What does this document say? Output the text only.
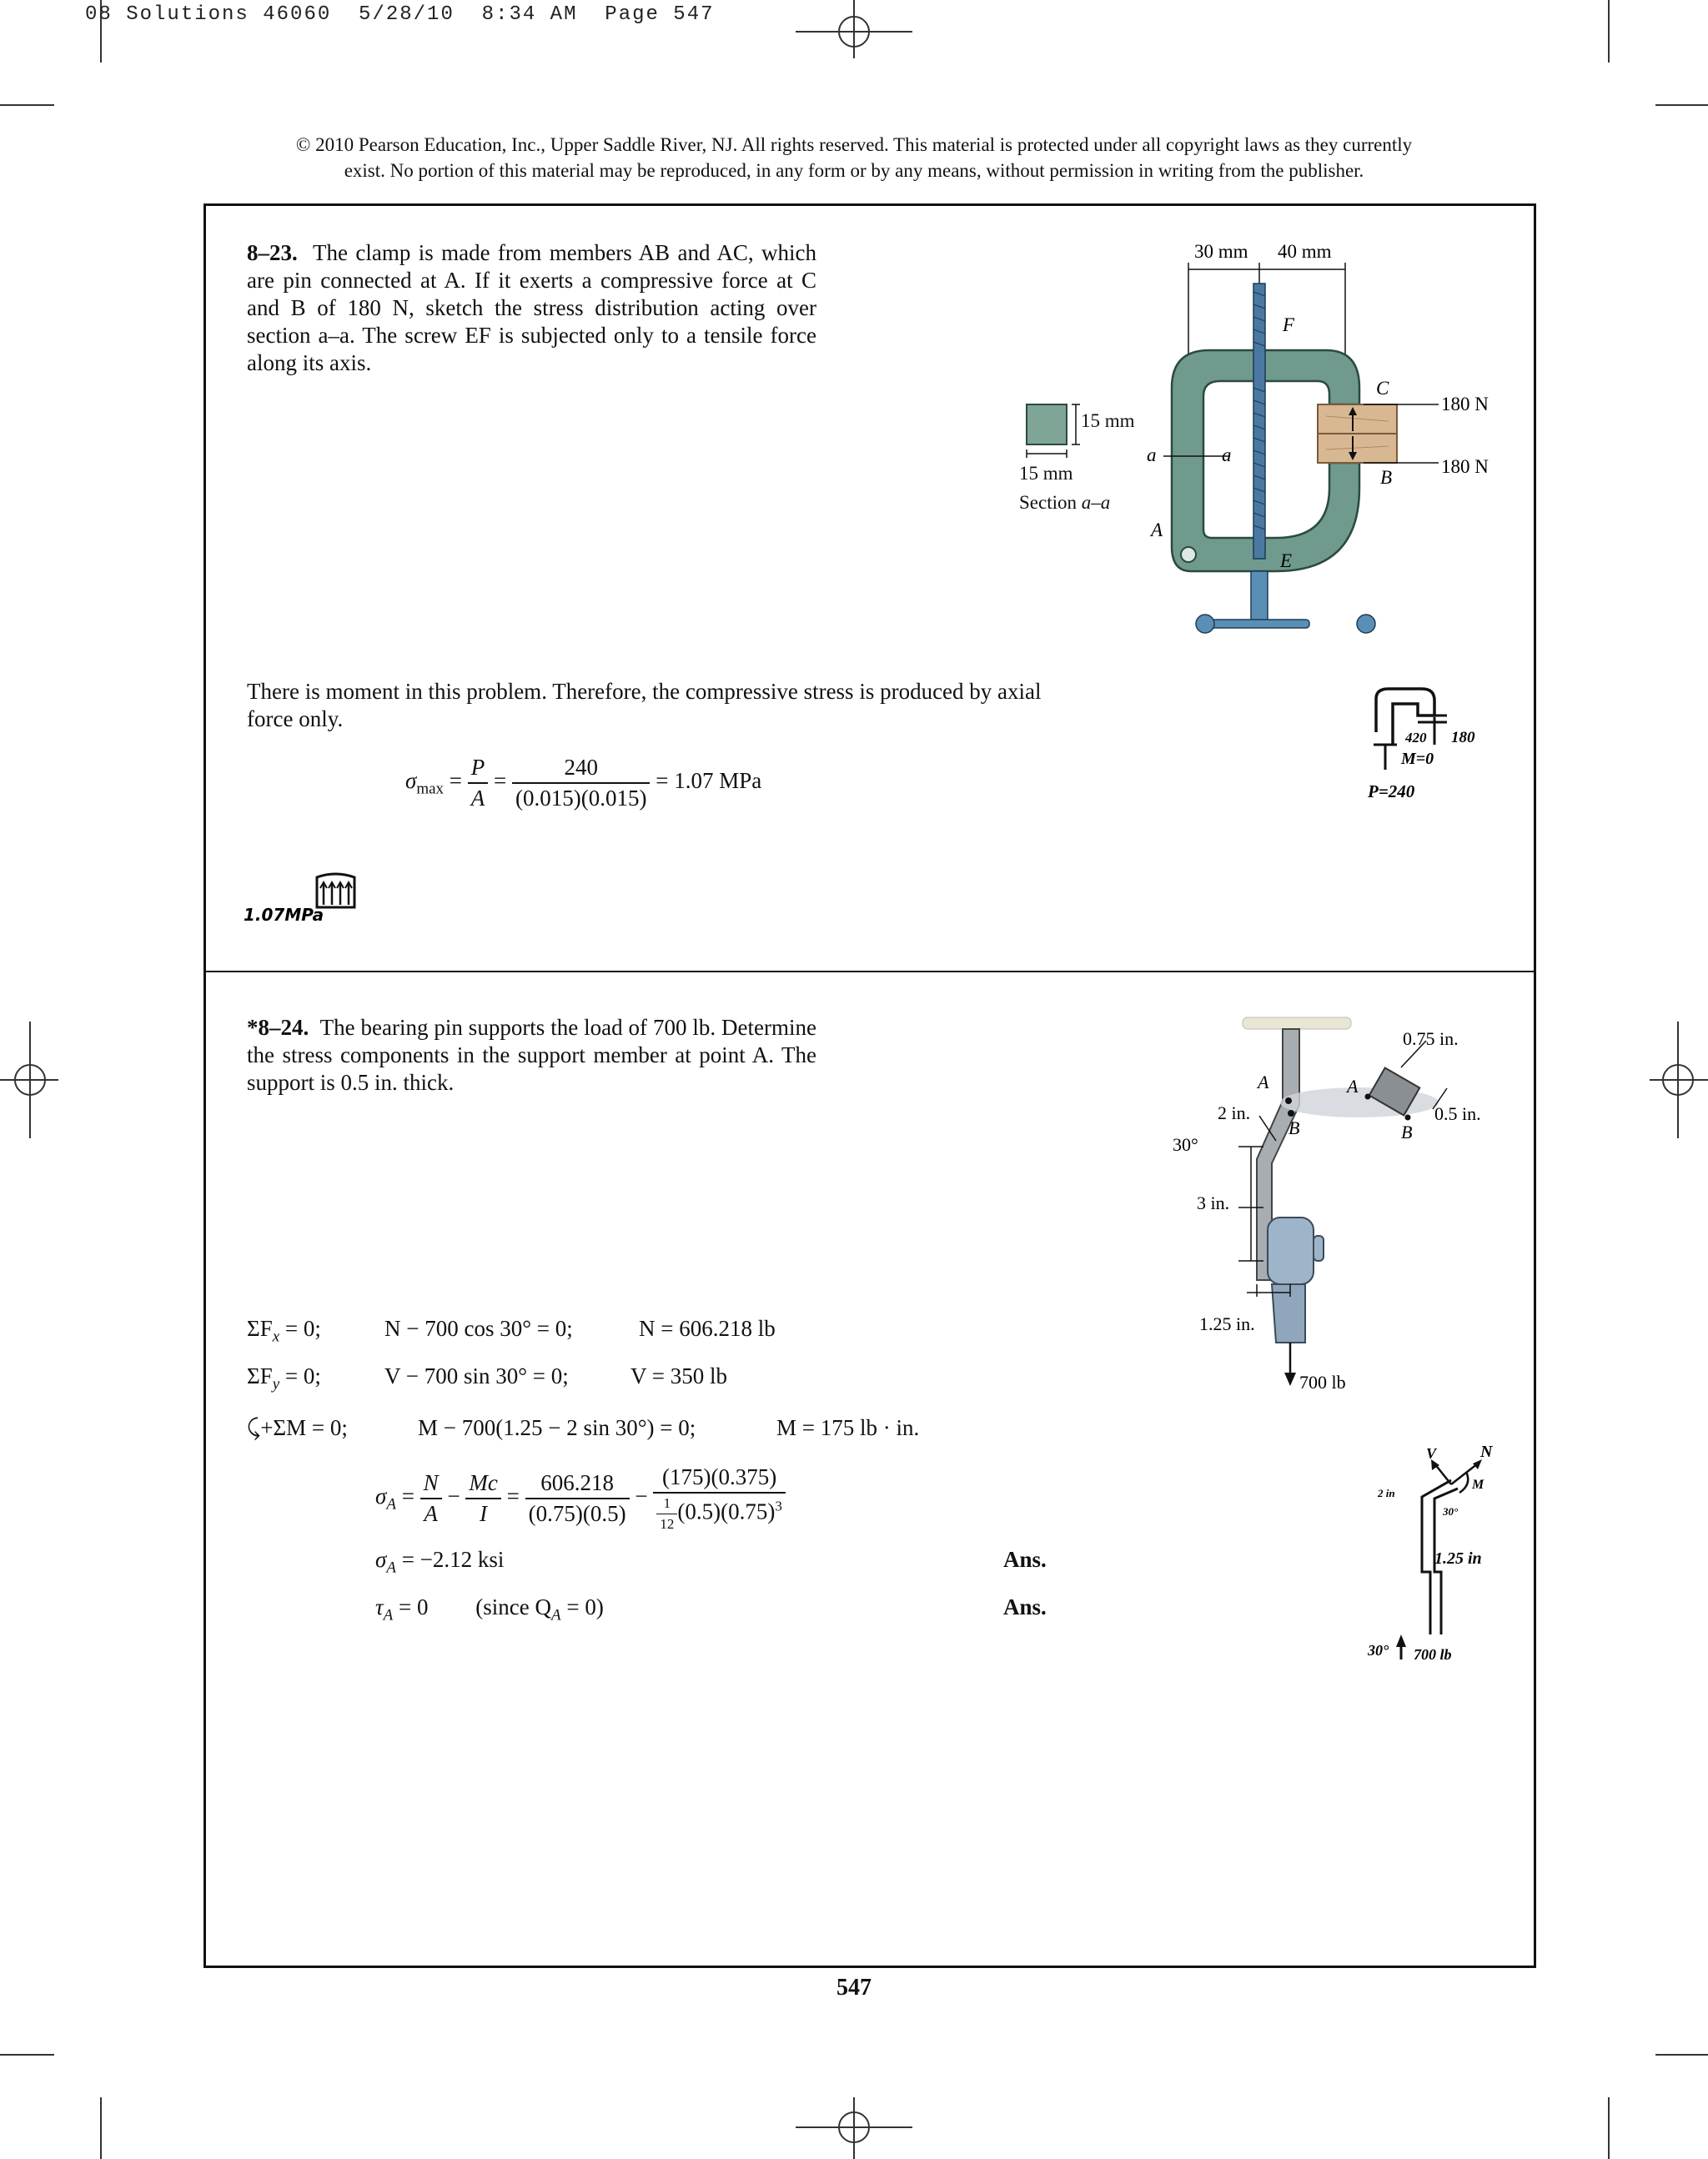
08 Solutions 46060  5/28/10  8:34 AM  Page 547
© 2010 Pearson Education, Inc., Upper Saddle River, NJ. All rights reserved. This material is protected under all copyright laws as they currently
exist. No portion of this material may be reproduced, in any form or by any means, without permission in writing from the publisher.
8–23. The clamp is made from members AB and AC, which are pin connected at A. If it exerts a compressive force at C and B of 180 N, sketch the stress distribution acting over section a–a. The screw EF is subjected only to a tensile force along its axis.
30 mm 40 mm
C
B
180 N
180 N
F
E
A
a	a
15 mm
15 mm
Section a–a
There is moment in this problem. Therefore, the compressive stress is produced by axial force only.
$\sigma_{max} = \frac{P}{A} = \frac{240}{(0.015)(0.015)} = 1.07$ MPa
1.07MPa
420 180
M=0
P=240
*8–24. The bearing pin supports the load of 700 lb. Determine the stress components in the support member at point A. The support is 0.5 in. thick.	A
B
2 in.
30°
3 in.
1.25 in.
700 lb
A
B
0.75 in.
0.5 in.
$\Sigma F_x = 0$;	N − 700 cos 30° = 0;	N = 606.218 lb
$\Sigma F_y = 0$;	V − 700 sin 30° = 0;	V = 350 lb
⤹+ΣM = 0;	M − 700(1.25 − 2 sin 30°) = 0;	M = 175 lb · in.
$\sigma_A = \frac{N}{A} - \frac{Mc}{I} = \frac{606.218}{(0.75)(0.5)} - \frac{(175)(0.375)}{\frac{1}{12} (0.5)(0.75)^3}$
$\sigma_A = -2.12$ ksi	Ans.
$\tau_A = 0$ (since $Q_A = 0$)	Ans.
V	N
M
2 in
30°
1.25 in
30° 700 lb
547
